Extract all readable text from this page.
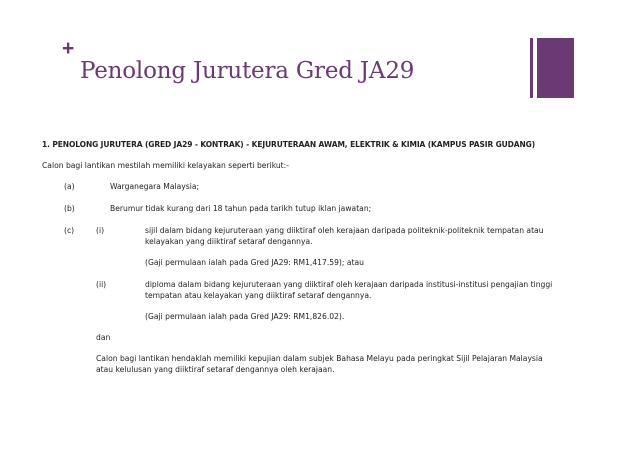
+
Penolong Jurutera Gred JA29
1. PENOLONG JURUTERA (GRED JA29 - KONTRAK) - KEJURUTERAAN AWAM, ELEKTRIK & KIMIA (KAMPUS PASIR GUDANG)
Calon bagi lantikan mestilah memiliki kelayakan seperti berikut:-
(a)	Warganegara Malaysia;
(b)	Berumur tidak kurang dari 18 tahun pada tarikh tutup iklan jawatan;
(c)	(i)	sijil dalam bidang kejuruteraan yang diiktiraf oleh kerajaan daripada politeknik-politeknik tempatan atau
kelayakan yang diiktiraf setaraf dengannya.
(Gaji permulaan ialah pada Gred JA29: RM1,417.59); atau
(ii)	diploma dalam bidang kejuruteraan yang diiktiraf oleh kerajaan daripada institusi-institusi pengajian tinggi
tempatan atau kelayakan yang diiktiraf setaraf dengannya.
(Gaji permulaan ialah pada Gred JA29: RM1,826.02).
dan
Calon bagi lantikan hendaklah memiliki kepujian dalam subjek Bahasa Melayu pada peringkat Sijil Pelajaran Malaysia
atau kelulusan yang diiktiraf setaraf dengannya oleh kerajaan.
